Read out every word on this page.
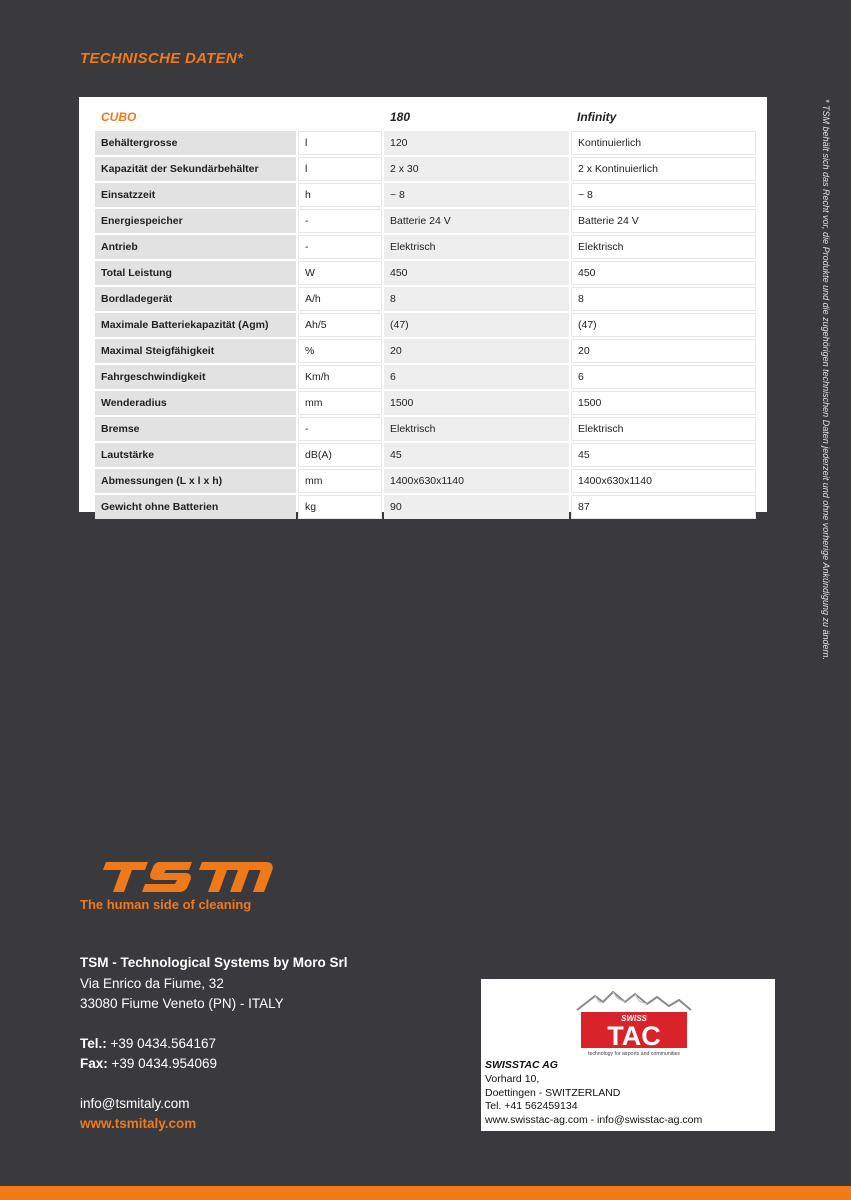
TECHNISCHE DATEN*
CUBO		180	Infinity
Behältergrosse	l	120	Kontinuierlich
Kapazität der Sekundärbehälter	l	2 x 30	2 x Kontinuierlich
Einsatzzeit	h	~ 8	~ 8
Energiespeicher	-	Batterie 24 V	Batterie 24 V
Antrieb	-	Elektrisch	Elektrisch
Total Leistung	W	450	450
Bordladegerät	A/h	8	8
Maximale Batteriekapazität (Agm)	Ah/5	(47)	(47)
Maximal Steigfähigkeit	%	20	20
Fahrgeschwindigkeit	Km/h	6	6
Wenderadius	mm	1500	1500
Bremse	-	Elektrisch	Elektrisch
Lautstärke	dB(A)	45	45
Abmessungen (L x l x h)	mm	1400x630x1140	1400x630x1140
Gewicht ohne Batterien	kg	90	87	* TSM behält sich das Recht vor, die Produkte und die zugehörigen technischen Daten jederzeit und ohne vorherige Ankündigung zu ändern.
The human side of cleaning

TSM - Technological Systems by Moro Srl

Via Enrico da Fiume, 32

33080 Fiume Veneto (PN) - ITALY

Tel.: +39 0434.564167

Fax: +39 0434.954069

info@tsmitaly.com

www.tsmitaly.com

SWISS
TAC
technology for airports and communities

SWISSTAC AG

Vorhard 10,

Doettingen - SWITZERLAND

Tel. +41 562459134

www.swisstac-ag.com - info@swisstac-ag.com
